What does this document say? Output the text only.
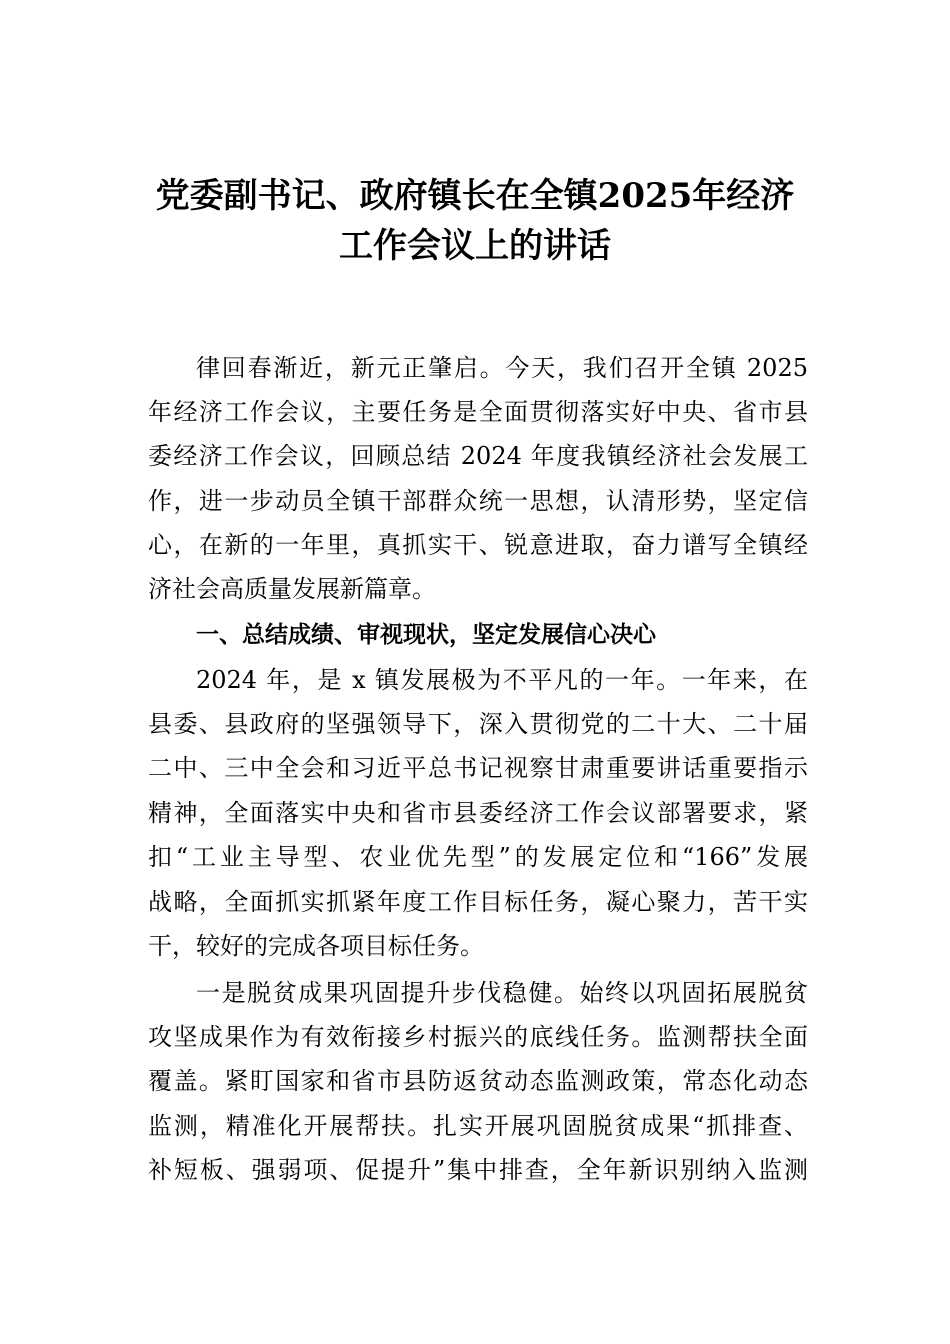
党委副书记、政府镇长在全镇2025年经济
工作会议上的讲话
律回春渐近，新元正肇启。今天，我们召开全镇 2025
年经济工作会议，主要任务是全面贯彻落实好中央、省市县
委经济工作会议，回顾总结 2024 年度我镇经济社会发展工
作，进一步动员全镇干部群众统一思想，认清形势，坚定信
心，在新的一年里，真抓实干、锐意进取，奋力谱写全镇经
济社会高质量发展新篇章。
一、总结成绩、审视现状，坚定发展信心决心
2024 年，是 x 镇发展极为不平凡的一年。一年来，在
县委、县政府的坚强领导下，深入贯彻党的二十大、二十届
二中、三中全会和习近平总书记视察甘肃重要讲话重要指示
精神，全面落实中央和省市县委经济工作会议部署要求，紧
扣“工业主导型、农业优先型”的发展定位和“166”发展
战略，全面抓实抓紧年度工作目标任务，凝心聚力，苦干实
干，较好的完成各项目标任务。
一是脱贫成果巩固提升步伐稳健。始终以巩固拓展脱贫
攻坚成果作为有效衔接乡村振兴的底线任务。监测帮扶全面
覆盖。紧盯国家和省市县防返贫动态监测政策，常态化动态
监测，精准化开展帮扶。扎实开展巩固脱贫成果“抓排查、
补短板、强弱项、促提升”集中排查，全年新识别纳入监测
